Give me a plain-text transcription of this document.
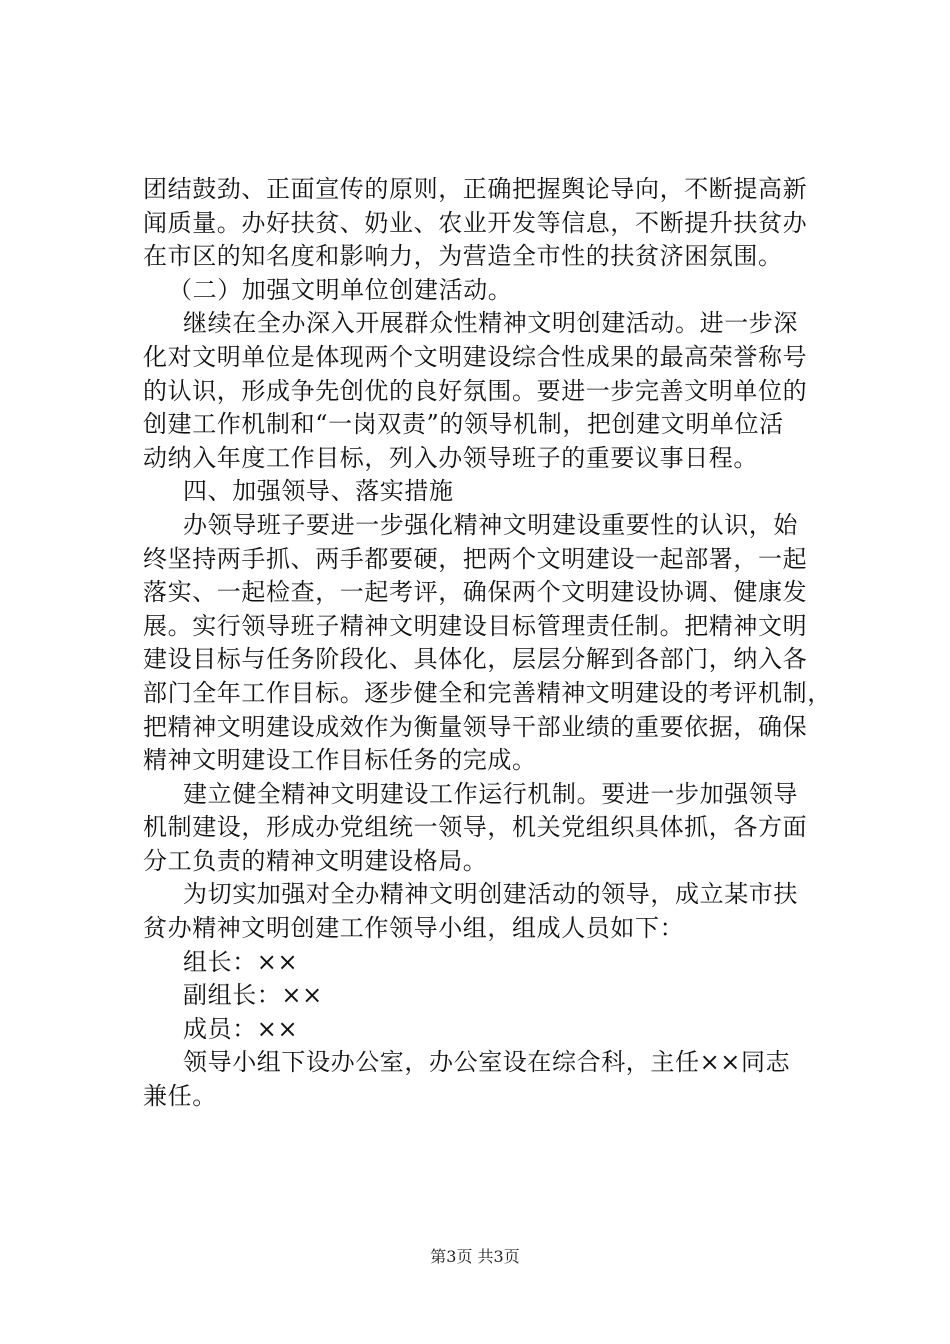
团结鼓劲、正面宣传的原则，正确把握舆论导向，不断提高新
闻质量。办好扶贫、奶业、农业开发等信息，不断提升扶贫办
在市区的知名度和影响力，为营造全市性的扶贫济困氛围。
（二）加强文明单位创建活动。
继续在全办深入开展群众性精神文明创建活动。进一步深
化对文明单位是体现两个文明建设综合性成果的最高荣誉称号
的认识，形成争先创优的良好氛围。要进一步完善文明单位的
创建工作机制和“一岗双责”的领导机制，把创建文明单位活
动纳入年度工作目标，列入办领导班子的重要议事日程。
四、加强领导、落实措施
办领导班子要进一步强化精神文明建设重要性的认识，始
终坚持两手抓、两手都要硬，把两个文明建设一起部署，一起
落实、一起检查，一起考评，确保两个文明建设协调、健康发
展。实行领导班子精神文明建设目标管理责任制。把精神文明
建设目标与任务阶段化、具体化，层层分解到各部门，纳入各
部门全年工作目标。逐步健全和完善精神文明建设的考评机制，
把精神文明建设成效作为衡量领导干部业绩的重要依据，确保
精神文明建设工作目标任务的完成。
建立健全精神文明建设工作运行机制。要进一步加强领导
机制建设，形成办党组统一领导，机关党组织具体抓，各方面
分工负责的精神文明建设格局。
为切实加强对全办精神文明创建活动的领导，成立某市扶
贫办精神文明创建工作领导小组，组成人员如下：
组长：××
副组长：××
成员：××
领导小组下设办公室，办公室设在综合科，主任××同志
兼任。
第3页 共3页
